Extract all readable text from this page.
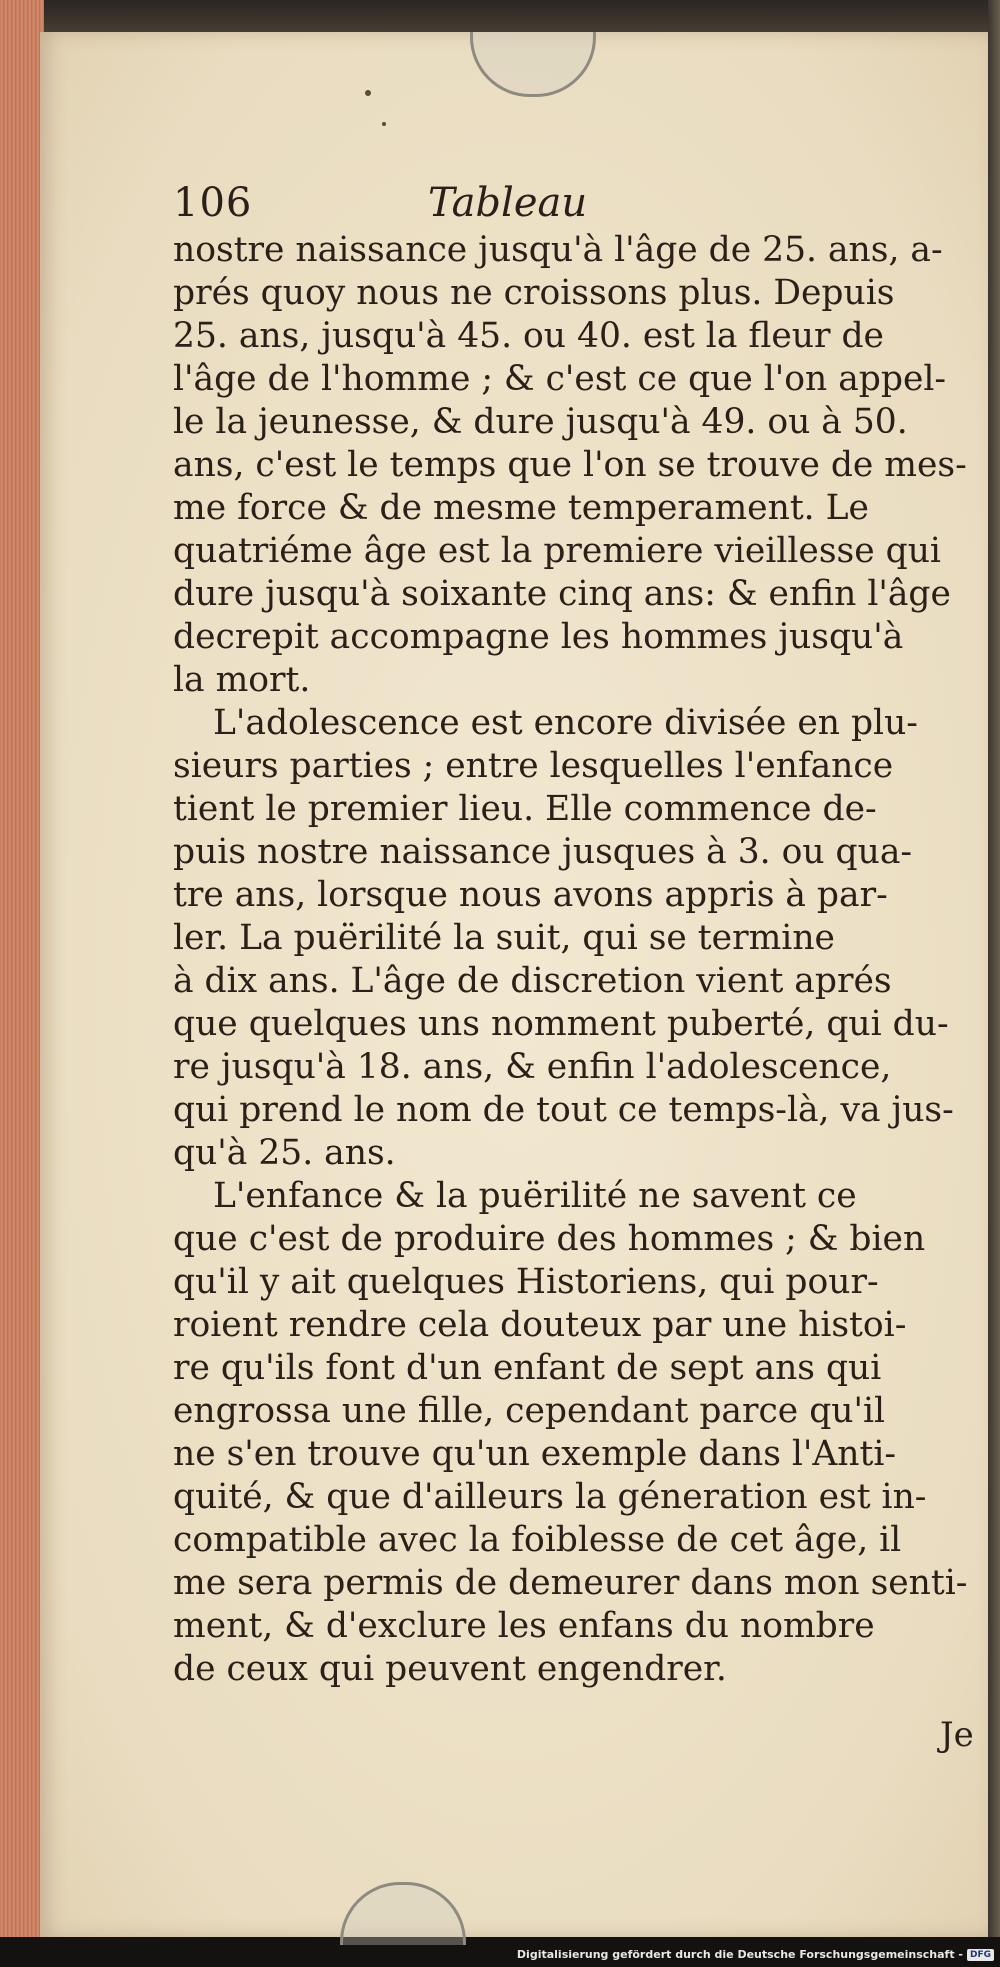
106	Tableau
nostre naissance jusqu'à l'âge de 25. ans, a-
prés quoy nous ne croissons plus. Depuis
25. ans, jusqu'à 45. ou 40. est la fleur de
l'âge de l'homme ; & c'est ce que l'on appel-
le la jeunesse, & dure jusqu'à 49. ou à 50.
ans, c'est le temps que l'on se trouve de mes-
me force & de mesme temperament. Le
quatriéme âge est la premiere vieillesse qui
dure jusqu'à soixante cinq ans: & enfin l'âge
decrepit accompagne les hommes jusqu'à
la mort.
L'adolescence est encore divisée en plu-
sieurs parties ; entre lesquelles l'enfance
tient le premier lieu. Elle commence de-
puis nostre naissance jusques à 3. ou qua-
tre ans, lorsque nous avons appris à par-
ler. La puërilité la suit, qui se termine
à dix ans. L'âge de discretion vient aprés
que quelques uns nomment puberté, qui du-
re jusqu'à 18. ans, & enfin l'adolescence,
qui prend le nom de tout ce temps-là, va jus-
qu'à 25. ans.
L'enfance & la puërilité ne savent ce
que c'est de produire des hommes ; & bien
qu'il y ait quelques Historiens, qui pour-
roient rendre cela douteux par une histoi-
re qu'ils font d'un enfant de sept ans qui
engrossa une fille, cependant parce qu'il
ne s'en trouve qu'un exemple dans l'Anti-
quité, & que d'ailleurs la géneration est in-
compatible avec la foiblesse de cet âge, il
me sera permis de demeurer dans mon senti-
ment, & d'exclure les enfans du nombre
de ceux qui peuvent engendrer.
Je
Digitalisierung gefördert durch die Deutsche Forschungsgemeinschaft - DFG
